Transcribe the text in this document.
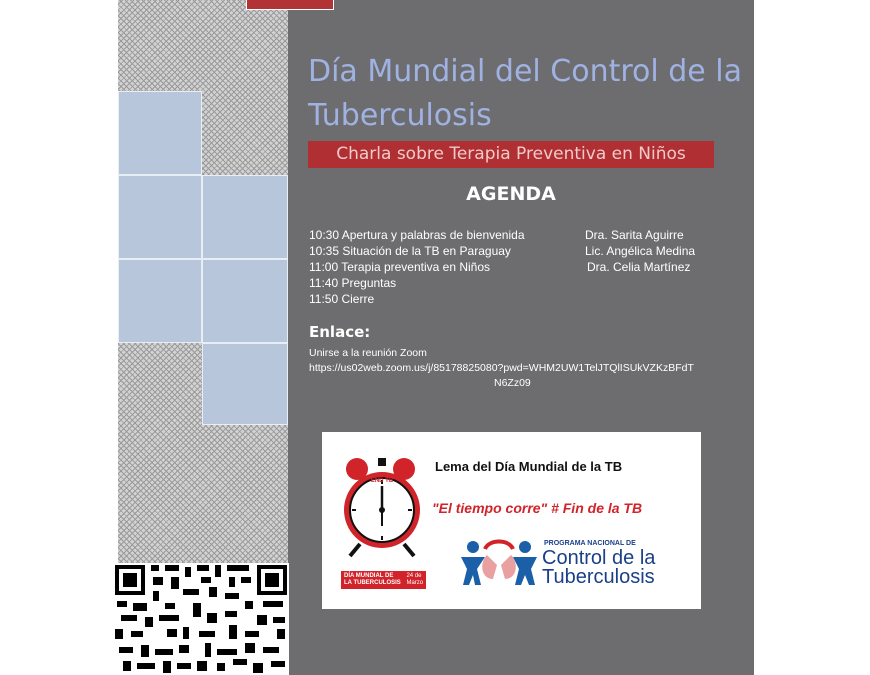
Día Mundial del Control de la Tuberculosis
Charla sobre Terapia Preventiva en Niños
AGENDA
10:30 Apertura y palabras de bienvenida	Dra. Sarita Aguirre
10:35 Situación de la TB en Paraguay	Lic. Angélica Medina
11:00 Terapia preventiva en Niños	Dra. Celia Martínez
11:40 Preguntas
11:50 Cierre
Enlace:
Unirse a la reunión Zoom
https://us02web.zoom.us/j/85178825080?pwd=WHM2UW1TelJTQlISUkVZKzBFdT
N6Zz09
Lema del Día Mundial de la TB
"El tiempo corre" # Fin de la TB
END TB
DÍA MUNDIAL DE
LA TUBERCULOSIS

24 de
Marzo
PROGRAMA NACIONAL DE
Control de la
Tuberculosis
